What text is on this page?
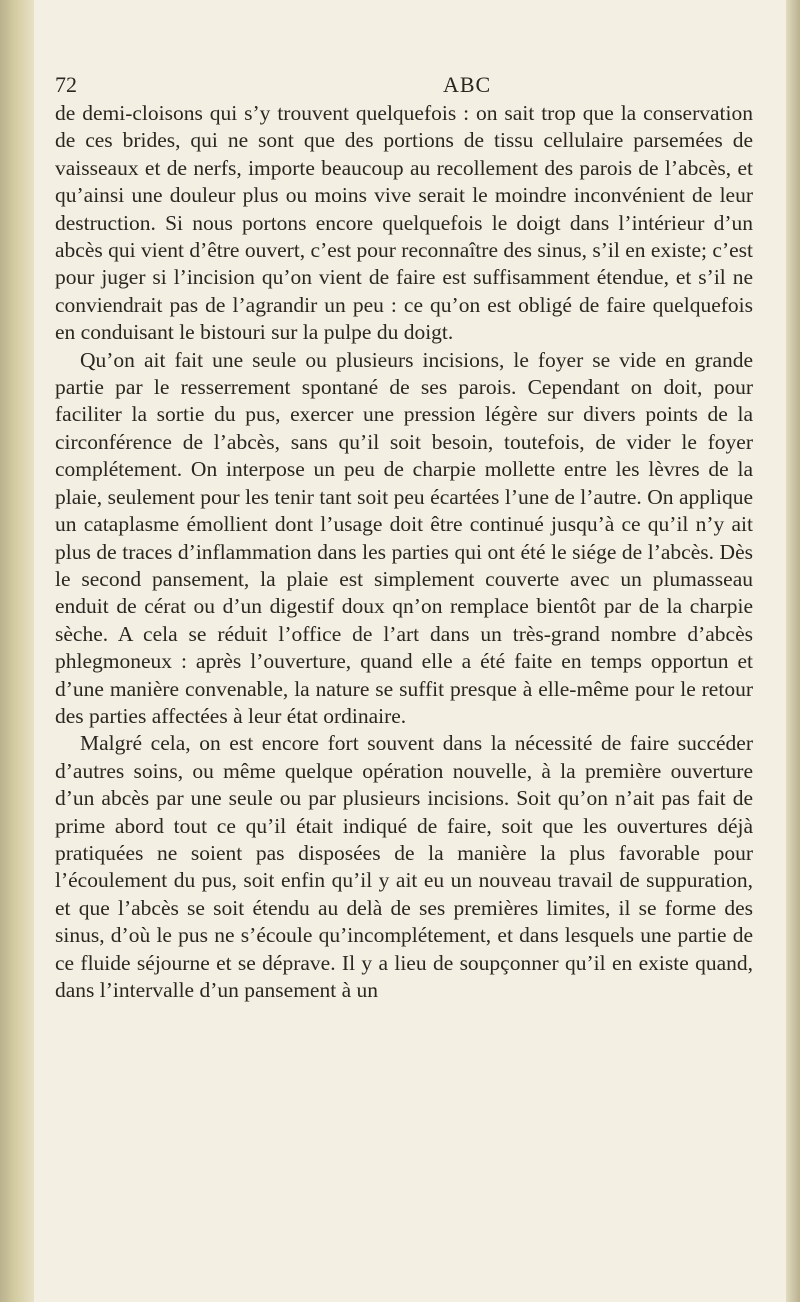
72	ABC

de demi-cloisons qui s’y trouvent quelquefois : on sait trop que la conservation de ces brides, qui ne sont que des portions de tissu cellulaire parsemées de vaisseaux et de nerfs, importe beaucoup au recollement des parois de l’abcès, et qu’ainsi une douleur plus ou moins vive serait le moindre inconvénient de leur destruction. Si nous portons encore quelquefois le doigt dans l’intérieur d’un abcès qui vient d’être ouvert, c’est pour reconnaître des sinus, s’il en existe; c’est pour juger si l’incision qu’on vient de faire est suffisamment étendue, et s’il ne conviendrait pas de l’agrandir un peu : ce qu’on est obligé de faire quelquefois en conduisant le bistouri sur la pulpe du doigt.

Qu’on ait fait une seule ou plusieurs incisions, le foyer se vide en grande partie par le resserrement spontané de ses parois. Cependant on doit, pour faciliter la sortie du pus, exercer une pression légère sur divers points de la circonférence de l’abcès, sans qu’il soit besoin, toutefois, de vider le foyer complétement. On interpose un peu de charpie mollette entre les lèvres de la plaie, seulement pour les tenir tant soit peu écartées l’une de l’autre. On applique un cataplasme émollient dont l’usage doit être continué jusqu’à ce qu’il n’y ait plus de traces d’inflammation dans les parties qui ont été le siége de l’abcès. Dès le second pansement, la plaie est simplement couverte avec un plumasseau enduit de cérat ou d’un digestif doux qn’on remplace bientôt par de la charpie sèche. A cela se réduit l’office de l’art dans un très-grand nombre d’abcès phlegmoneux : après l’ouverture, quand elle a été faite en temps opportun et d’une manière convenable, la nature se suffit presque à elle-même pour le retour des parties affectées à leur état ordinaire.

Malgré cela, on est encore fort souvent dans la nécessité de faire succéder d’autres soins, ou même quelque opération nouvelle, à la première ouverture d’un abcès par une seule ou par plusieurs incisions. Soit qu’on n’ait pas fait de prime abord tout ce qu’il était indiqué de faire, soit que les ouvertures déjà pratiquées ne soient pas disposées de la manière la plus favorable pour l’écoulement du pus, soit enfin qu’il y ait eu un nouveau travail de suppuration, et que l’abcès se soit étendu au delà de ses premières limites, il se forme des sinus, d’où le pus ne s’écoule qu’incomplétement, et dans lesquels une partie de ce fluide séjourne et se déprave. Il y a lieu de soupçonner qu’il en existe quand, dans l’intervalle d’un pansement à un
